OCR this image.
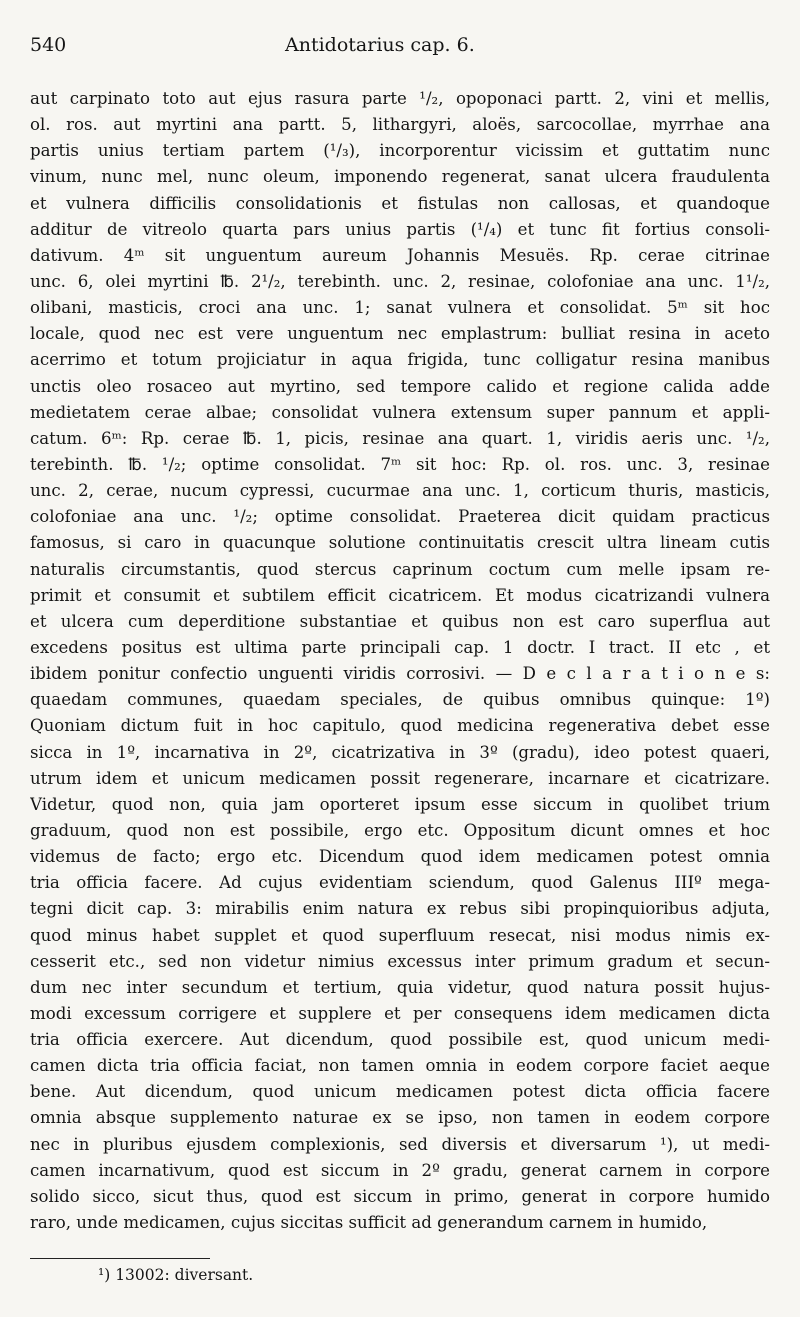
540	Antidotarius cap. 6.
aut carpinato toto aut ejus rasura parte ¹/₂, opoponaci partt. 2, vini et mellis,
ol. ros. aut myrtini ana partt. 5, lithargyri, aloës, sarcocollae, myrrhae ana
partis unius tertiam partem (¹/₃), incorporentur vicissim et guttatim nunc
vinum, nunc mel, nunc oleum, imponendo regenerat, sanat ulcera fraudulenta
et vulnera difficilis consolidationis et fistulas non callosas, et quandoque
additur de vitreolo quarta pars unius partis (¹/₄) et tunc fit fortius consoli-
dativum. 4ᵐ sit unguentum aureum Johannis Mesuës. Rp. cerae citrinae
unc. 6, olei myrtini ℔. 2¹/₂, terebinth. unc. 2, resinae, colofoniae ana unc. 1¹/₂,
olibani, masticis, croci ana unc. 1; sanat vulnera et consolidat. 5ᵐ sit hoc
locale, quod nec est vere unguentum nec emplastrum: bulliat resina in aceto
acerrimo et totum projiciatur in aqua frigida, tunc colligatur resina manibus
unctis oleo rosaceo aut myrtino, sed tempore calido et regione calida adde
medietatem cerae albae; consolidat vulnera extensum super pannum et appli-
catum. 6ᵐ: Rp. cerae ℔. 1, picis, resinae ana quart. 1, viridis aeris unc. ¹/₂,
terebinth. ℔. ¹/₂; optime consolidat. 7ᵐ sit hoc: Rp. ol. ros. unc. 3, resinae
unc. 2, cerae, nucum cypressi, cucurmae ana unc. 1, corticum thuris, masticis,
colofoniae ana unc. ¹/₂; optime consolidat. Praeterea dicit quidam practicus
famosus, si caro in quacunque solutione continuitatis crescit ultra lineam cutis
naturalis circumstantis, quod stercus caprinum coctum cum melle ipsam re-
primit et consumit et subtilem efficit cicatricem. Et modus cicatrizandi vulnera
et ulcera cum deperditione substantiae et quibus non est caro superflua aut
excedens positus est ultima parte principali cap. 1 doctr. I tract. II etc , et
ibidem ponitur confectio unguenti viridis corrosivi. — D e c l a r a t i o n e s:
quaedam communes, quaedam speciales, de quibus omnibus quinque: 1º)
Quoniam dictum fuit in hoc capitulo, quod medicina regenerativa debet esse
sicca in 1º, incarnativa in 2º, cicatrizativa in 3º (gradu), ideo potest quaeri,
utrum idem et unicum medicamen possit regenerare, incarnare et cicatrizare.
Videtur, quod non, quia jam oporteret ipsum esse siccum in quolibet trium
graduum, quod non est possibile, ergo etc. Oppositum dicunt omnes et hoc
videmus de facto; ergo etc. Dicendum quod idem medicamen potest omnia
tria officia facere. Ad cujus evidentiam sciendum, quod Galenus IIIº mega-
tegni dicit cap. 3: mirabilis enim natura ex rebus sibi propinquioribus adjuta,
quod minus habet supplet et quod superfluum resecat, nisi modus nimis ex-
cesserit etc., sed non videtur nimius excessus inter primum gradum et secun-
dum nec inter secundum et tertium, quia videtur, quod natura possit hujus-
modi excessum corrigere et supplere et per consequens idem medicamen dicta
tria officia exercere. Aut dicendum, quod possibile est, quod unicum medi-
camen dicta tria officia faciat, non tamen omnia in eodem corpore faciet aeque
bene. Aut dicendum, quod unicum medicamen potest dicta officia facere
omnia absque supplemento naturae ex se ipso, non tamen in eodem corpore
nec in pluribus ejusdem complexionis, sed diversis et diversarum ¹), ut medi-
camen incarnativum, quod est siccum in 2º gradu, generat carnem in corpore
solido sicco, sicut thus, quod est siccum in primo, generat in corpore humido
raro, unde medicamen, cujus siccitas sufficit ad generandum carnem in humido,
¹) 13002: diversant.
